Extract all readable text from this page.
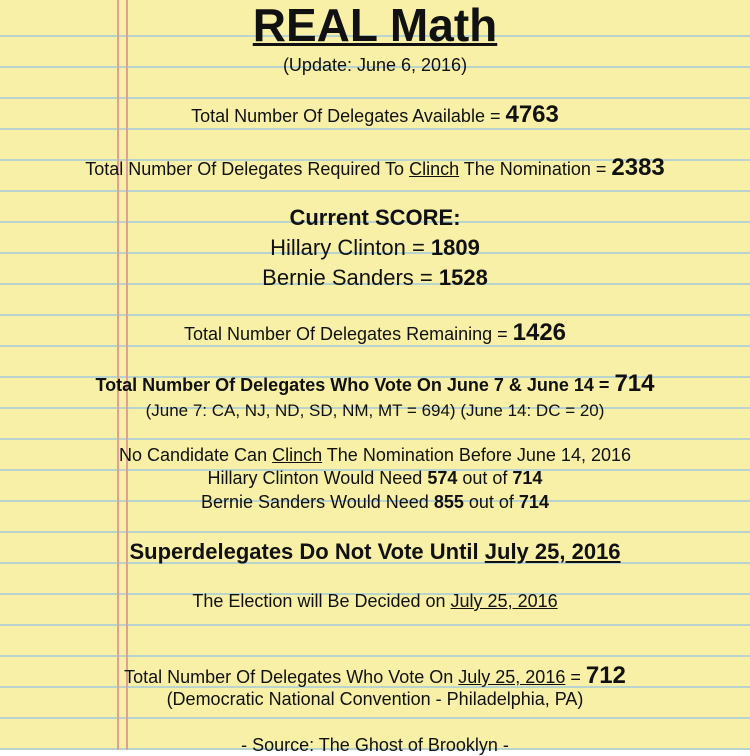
REAL Math
(Update: June 6, 2016)
Total Number Of Delegates Available = 4763
Total Number Of Delegates Required To Clinch The Nomination = 2383
Current SCORE:
Hillary Clinton = 1809
Bernie Sanders = 1528
Total Number Of Delegates Remaining = 1426
Total Number Of Delegates Who Vote On June 7 & June 14 = 714
(June 7: CA, NJ, ND, SD, NM, MT = 694) (June 14: DC = 20)
No Candidate Can Clinch The Nomination Before June 14, 2016
Hillary Clinton Would Need 574 out of 714
Bernie Sanders Would Need 855 out of 714
Superdelegates Do Not Vote Until July 25, 2016
The Election will Be Decided on July 25, 2016
Total Number Of Delegates Who Vote On July 25, 2016 = 712
(Democratic National Convention - Philadelphia, PA)
- Source: The Ghost of Brooklyn -
